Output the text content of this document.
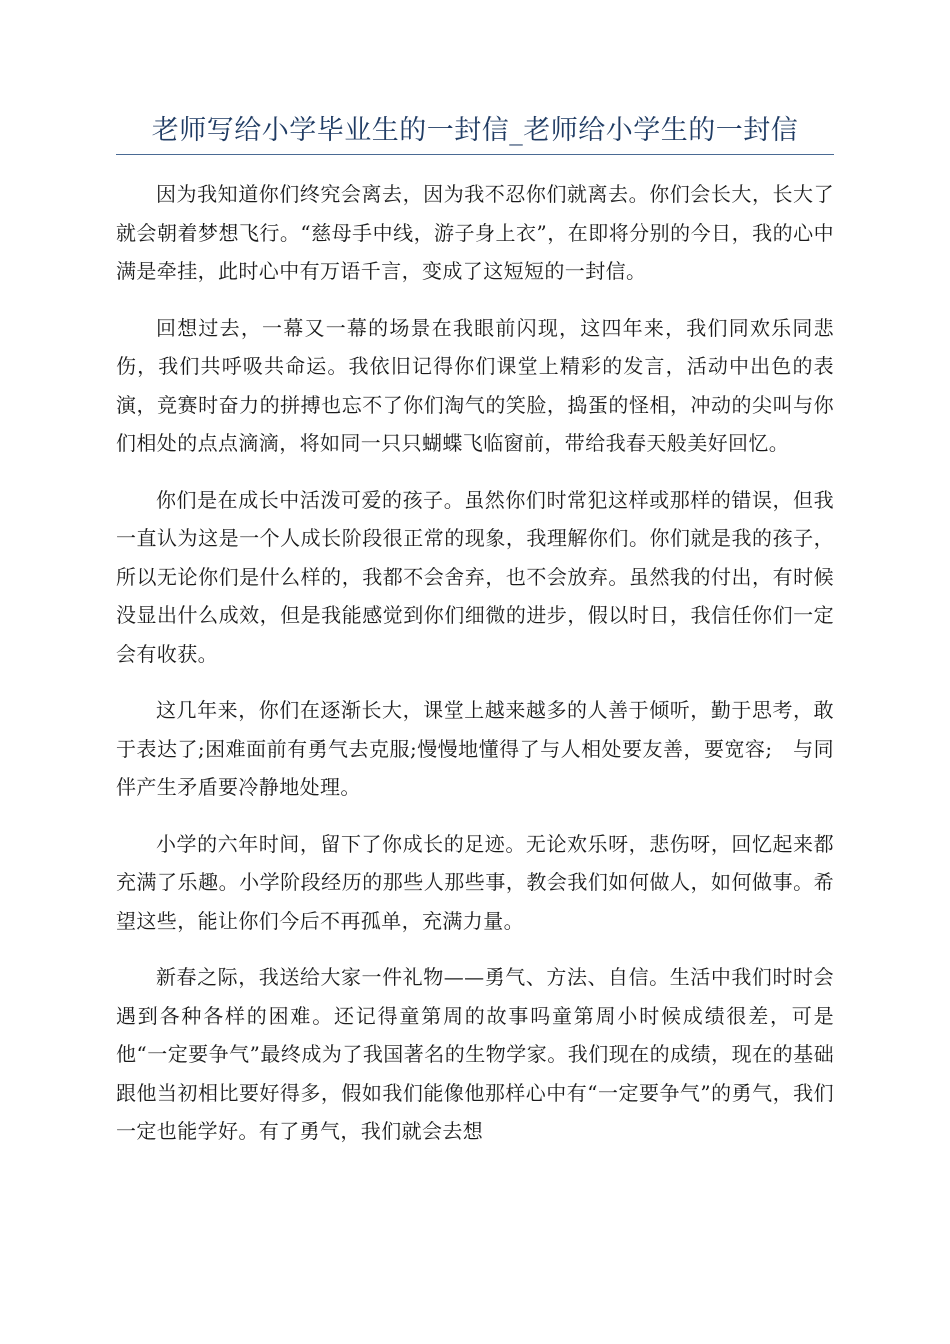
老师写给小学毕业生的一封信_老师给小学生的一封信

因为我知道你们终究会离去，因为我不忍你们就离去。你们会长大，长大了就会朝着梦想飞行。“慈母手中线，游子身上衣”，在即将分别的今日，我的心中满是牵挂，此时心中有万语千言，变成了这短短的一封信。

回想过去，一幕又一幕的场景在我眼前闪现，这四年来，我们同欢乐同悲伤，我们共呼吸共命运。我依旧记得你们课堂上精彩的发言，活动中出色的表演，竞赛时奋力的拼搏也忘不了你们淘气的笑脸，捣蛋的怪相，冲动的尖叫与你们相处的点点滴滴，将如同一只只蝴蝶飞临窗前，带给我春天般美好回忆。

你们是在成长中活泼可爱的孩子。虽然你们时常犯这样或那样的错误，但我一直认为这是一个人成长阶段很正常的现象，我理解你们。你们就是我的孩子，所以无论你们是什么样的，我都不会舍弃，也不会放弃。虽然我的付出，有时候没显出什么成效，但是我能感觉到你们细微的进步，假以时日，我信任你们一定会有收获。

这几年来，你们在逐渐长大，课堂上越来越多的人善于倾听，勤于思考，敢于表达了;困难面前有勇气去克服;慢慢地懂得了与人相处要友善，要宽容;　与同伴产生矛盾要冷静地处理。

小学的六年时间，留下了你成长的足迹。无论欢乐呀，悲伤呀，回忆起来都充满了乐趣。小学阶段经历的那些人那些事，教会我们如何做人，如何做事。希望这些，能让你们今后不再孤单，充满力量。

新春之际，我送给大家一件礼物——勇气、方法、自信。生活中我们时时会遇到各种各样的困难。还记得童第周的故事吗童第周小时候成绩很差，可是他“一定要争气”最终成为了我国著名的生物学家。我们现在的成绩，现在的基础跟他当初相比要好得多，假如我们能像他那样心中有“一定要争气”的勇气，我们一定也能学好。有了勇气，我们就会去想
